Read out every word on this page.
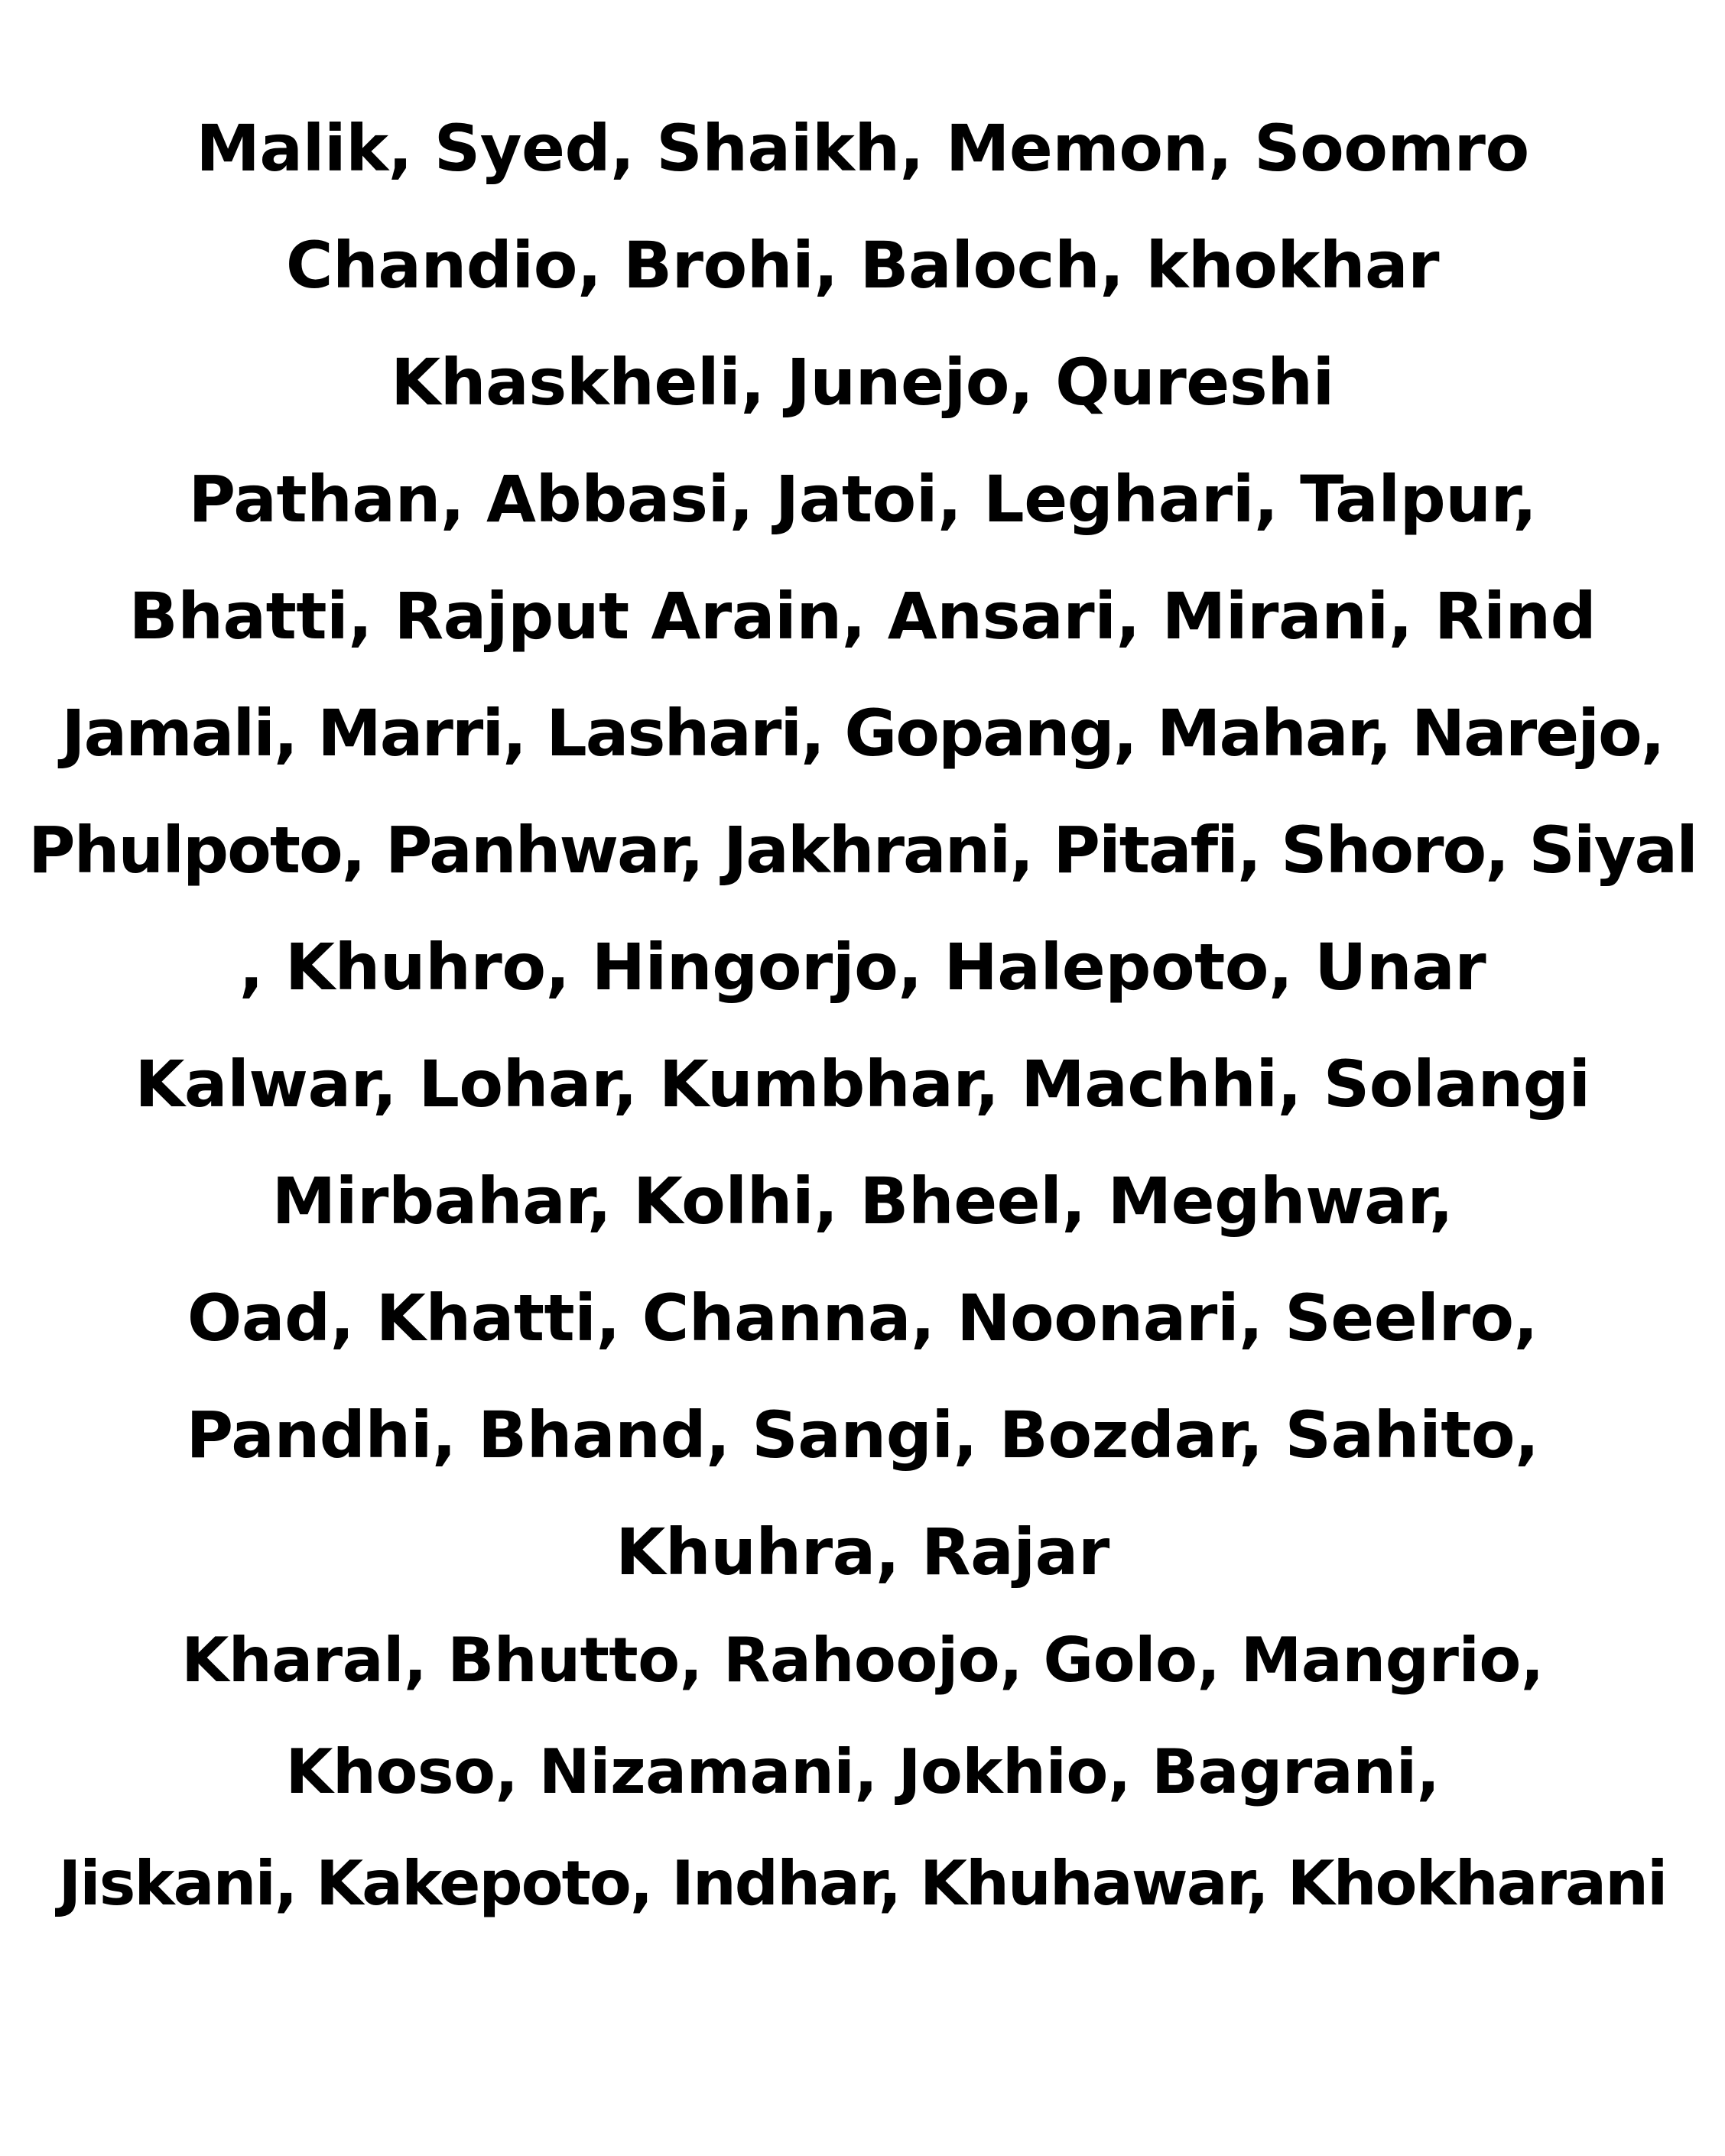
Malik, Syed, Shaikh, Memon, Soomro
Chandio, Brohi, Baloch, khokhar
Khaskheli, Junejo, Qureshi
Pathan, Abbasi, Jatoi, Leghari, Talpur,
Bhatti, Rajput Arain, Ansari, Mirani, Rind
Jamali, Marri, Lashari, Gopang, Mahar, Narejo,
Phulpoto, Panhwar, Jakhrani, Pitafi, Shoro, Siyal
, Khuhro, Hingorjo, Halepoto, Unar
Kalwar, Lohar, Kumbhar, Machhi, Solangi
Mirbahar, Kolhi, Bheel, Meghwar,
Oad, Khatti, Channa, Noonari, Seelro,
Pandhi, Bhand, Sangi, Bozdar, Sahito,
Khuhra, Rajar
Kharal, Bhutto, Rahoojo, Golo, Mangrio,
Khoso, Nizamani, Jokhio, Bagrani,
Jiskani, Kakepoto, Indhar, Khuhawar, Khokharani
